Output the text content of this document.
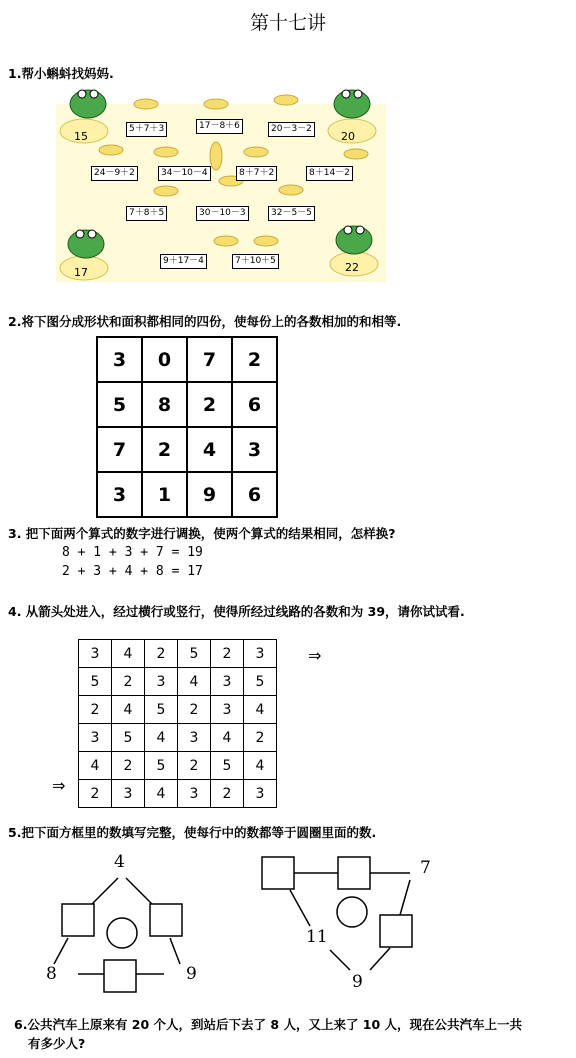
第十七讲
1.帮小蝌蚪找妈妈.
15	20
17	22
5＋7＋3	17－8＋6	20－3－2
24－9＋2	34－10－4	8＋7＋2	8＋14－2
7＋8＋5	30－10－3	32－5－5
9＋17－4	7＋10＋5
2.将下图分成形状和面积都相同的四份，使每份上的各数相加的和相等.
3	0	7	2
5	8	2	6
7	2	4	3
3	1	9	6
3. 把下面两个算式的数字进行调换，使两个算式的结果相同，怎样换?
8 + 1 + 3 + 7 = 19
2 + 3 + 4 + 8 = 17
4. 从箭头处进入，经过横行或竖行，使得所经过线路的各数和为 39，请你试试看.
3	4	2	5	2	3
5	2	3	4	3	5
2	4	5	2	3	4
3	5	4	3	4	2
4	2	5	2	5	4
2	3	4	3	2	3
⇒
⇒
5.把下面方框里的数填写完整，使每行中的数都等于圆圈里面的数.
4
8	9
7
11
9
6.公共汽车上原来有 20 个人，到站后下去了 8 人，又上来了 10 人，现在公共汽车上一共
有多少人?
